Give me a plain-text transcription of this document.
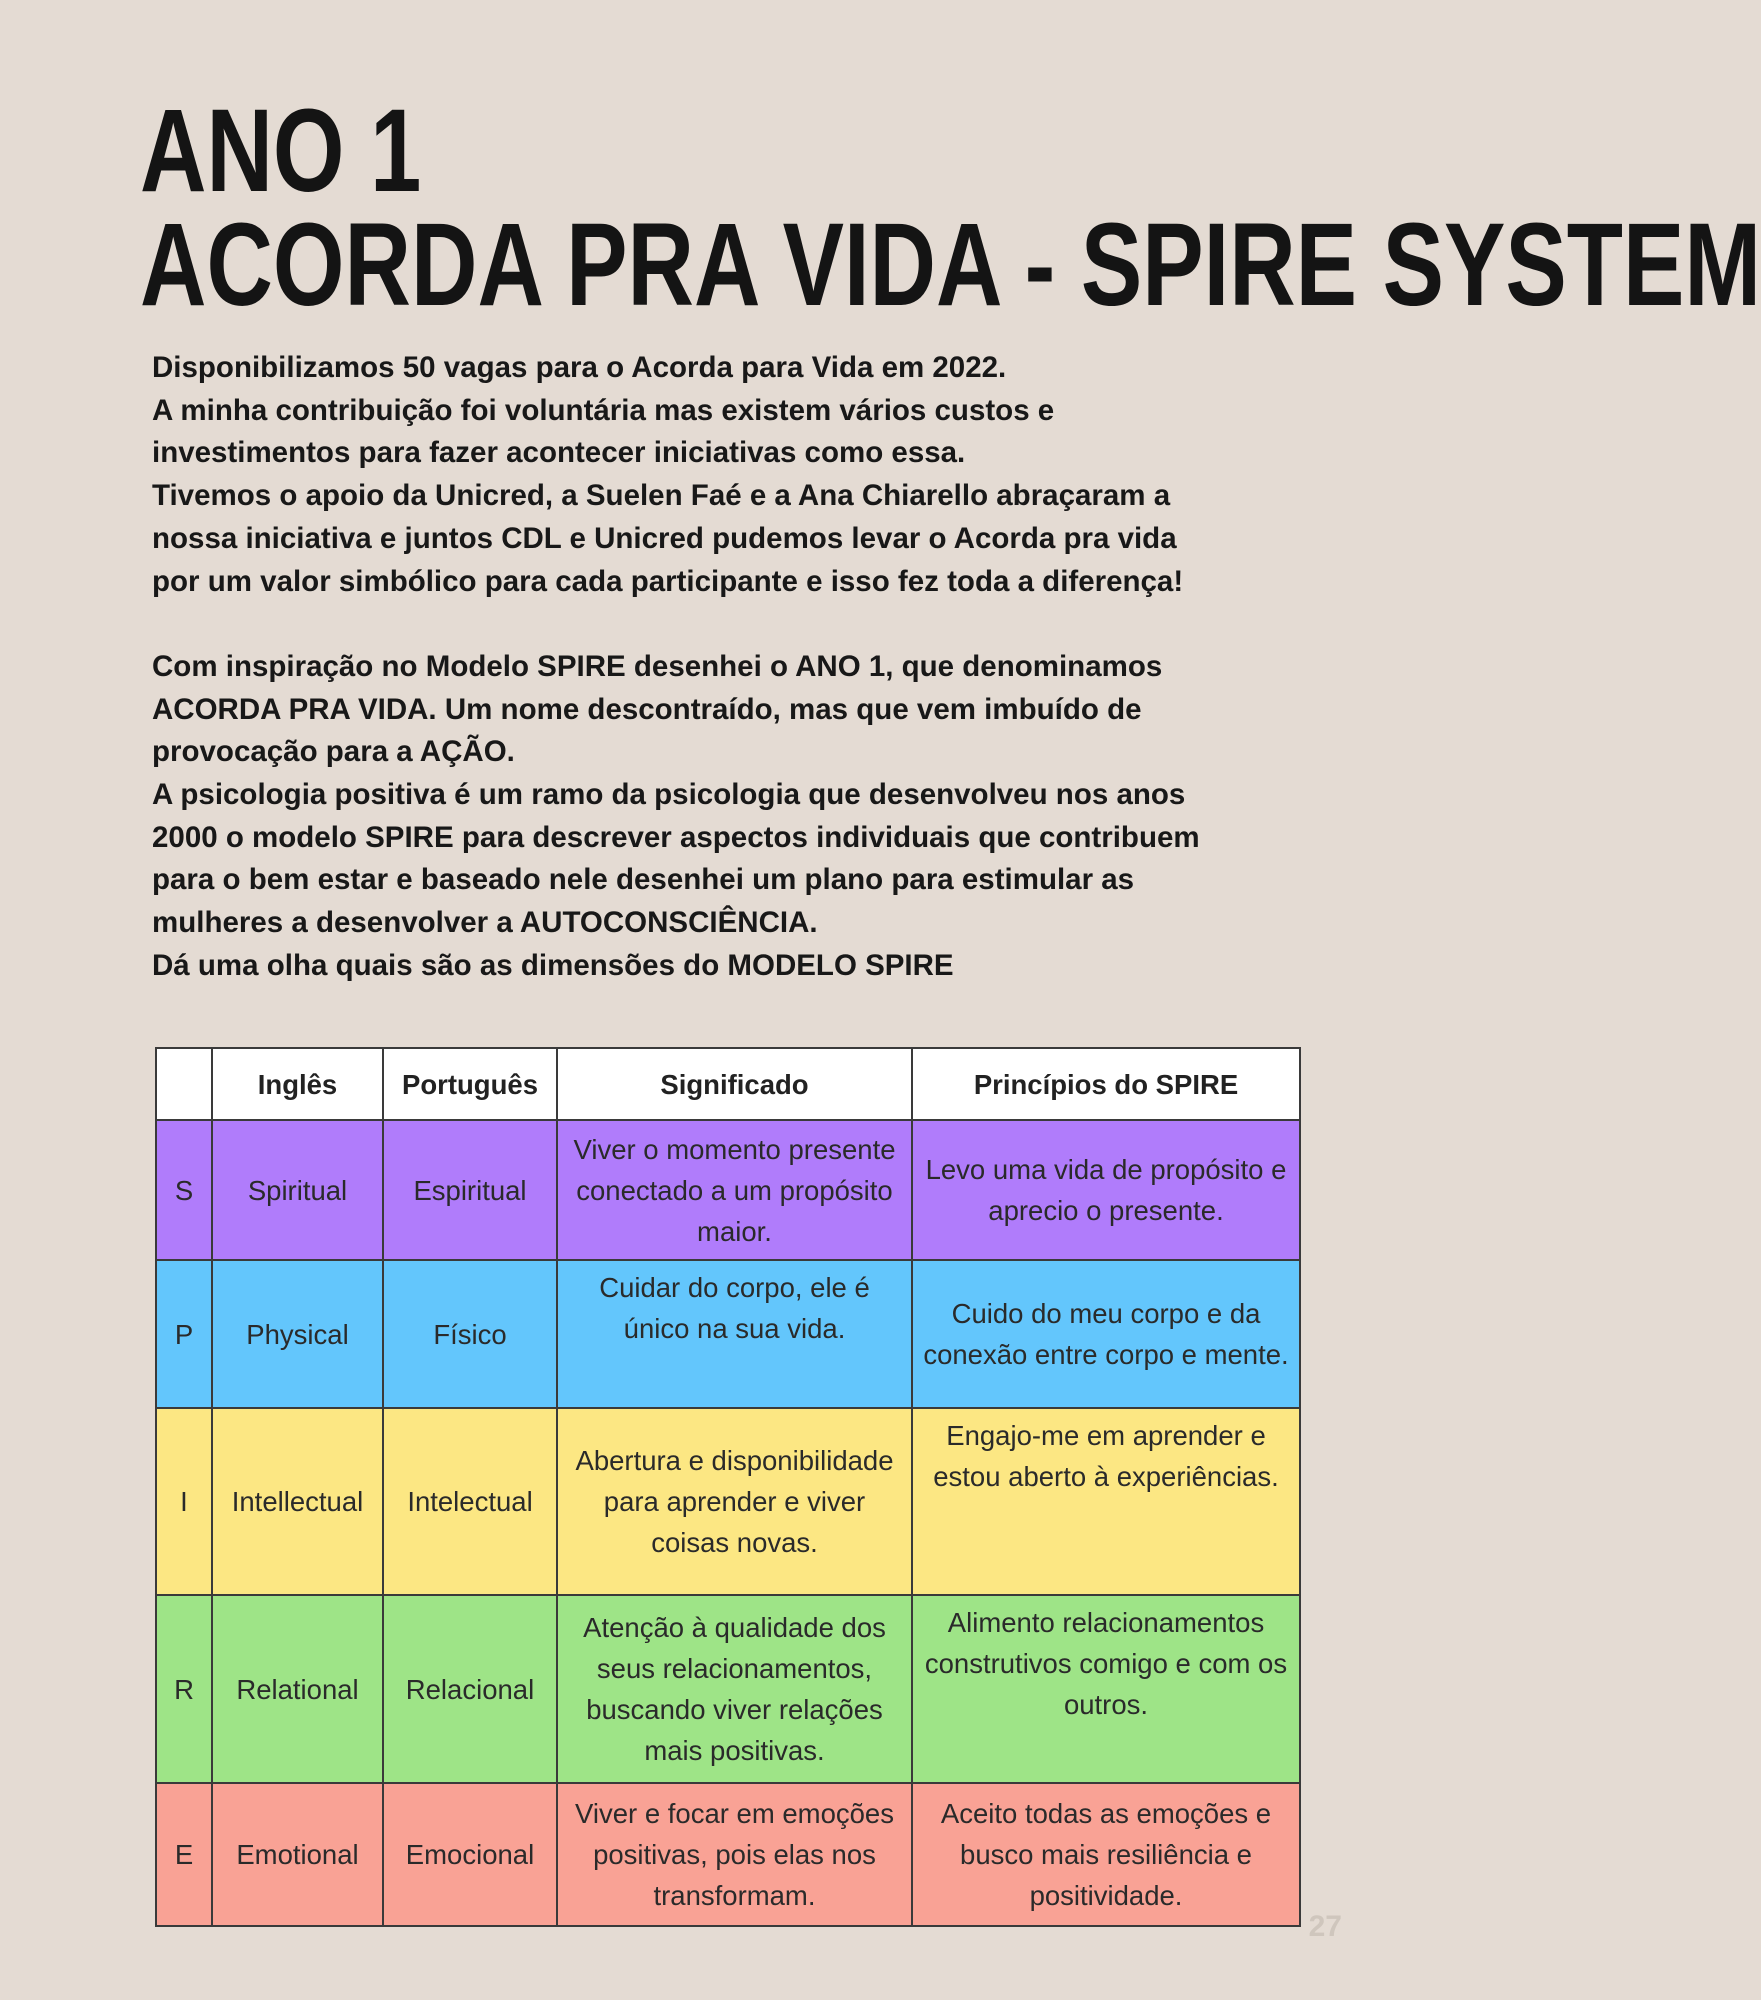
ANO 1
ACORDA PRA VIDA - SPIRE SYSTEM

Disponibilizamos 50 vagas para o Acorda para Vida em 2022.

A minha contribuição foi voluntária mas existem vários custos e

investimentos para fazer acontecer iniciativas como essa.

Tivemos o apoio da Unicred, a Suelen Faé e a Ana Chiarello abraçaram a

nossa iniciativa e juntos CDL e Unicred pudemos levar o Acorda pra vida

por um valor simbólico para cada participante e isso fez toda a diferença!

Com inspiração no Modelo SPIRE desenhei o ANO 1, que denominamos

ACORDA PRA VIDA. Um nome descontraído, mas que vem imbuído de

provocação para a AÇÃO.

A psicologia positiva é um ramo da psicologia que desenvolveu nos anos

2000 o modelo SPIRE para descrever aspectos individuais que contribuem

para o bem estar e baseado nele desenhei um plano para estimular as

mulheres a desenvolver a AUTOCONSCIÊNCIA.

Dá uma olha quais são as dimensões do MODELO SPIRE

	Inglês	Português	Significado	Princípios do SPIRE
S	Spiritual	Espiritual	Viver o momento presente conectado a um propósito maior.	Levo uma vida de propósito e aprecio o presente.
P	Physical	Físico	Cuidar do corpo, ele é único na sua vida.	Cuido do meu corpo e da conexão entre corpo e mente.
I	Intellectual	Intelectual	Abertura e disponibilidade para aprender e viver coisas novas.	Engajo-me em aprender e estou aberto à experiências.
R	Relational	Relacional	Atenção à qualidade dos seus relacionamentos, buscando viver relações mais positivas.	Alimento relacionamentos construtivos comigo e com os outros.
E	Emotional	Emocional	Viver e focar em emoções positivas, pois elas nos transformam.	Aceito todas as emoções e busco mais resiliência e positividade.
27
